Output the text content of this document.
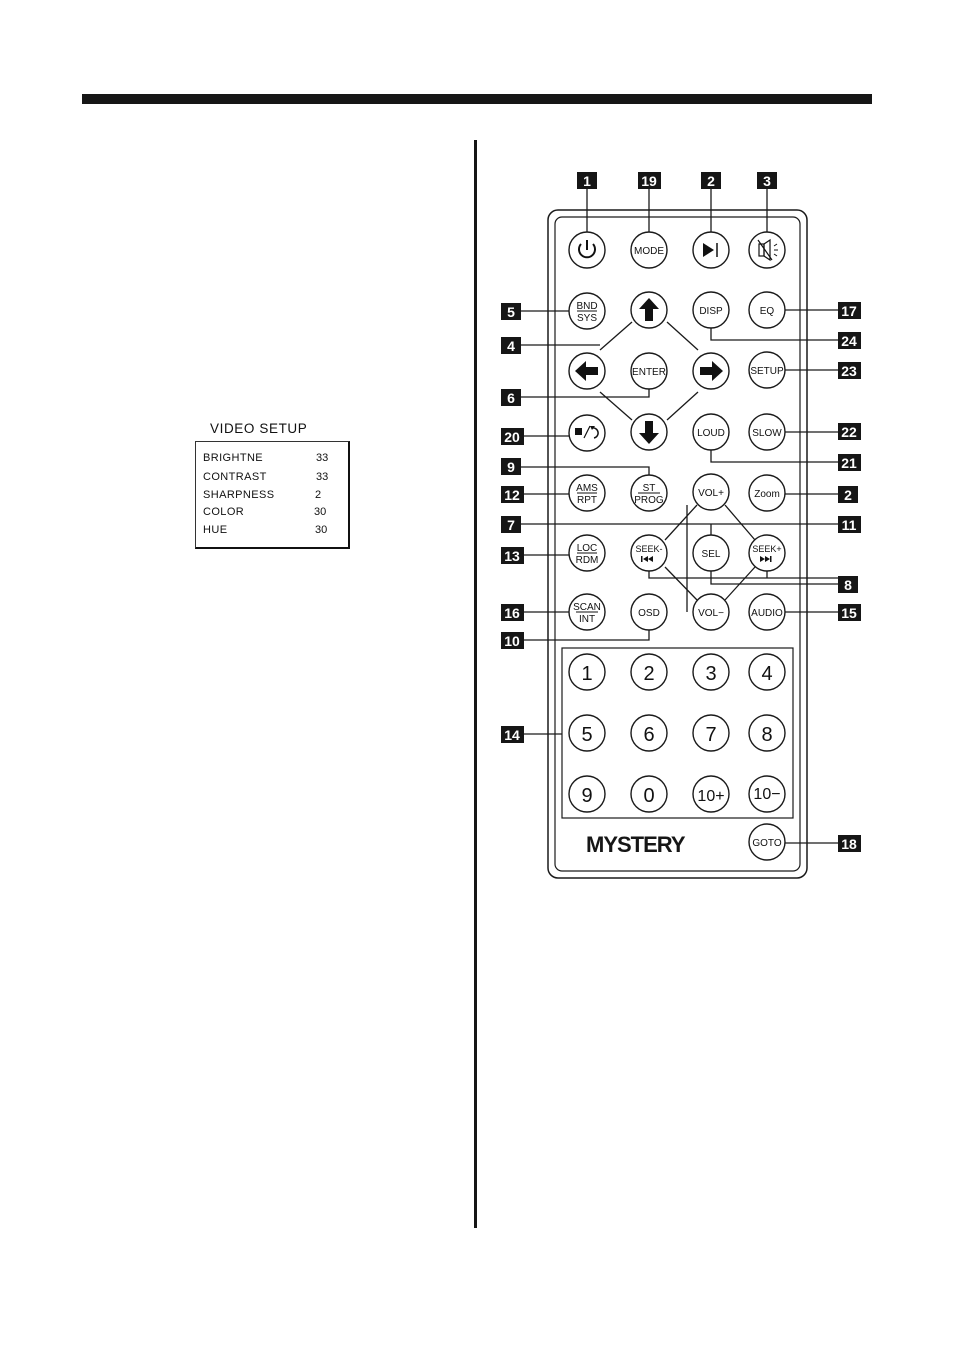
VIDEO SETUP
BRIGHTNE	33
CONTRAST	33
SHARPNESS	2
COLOR	30
HUE	30
MODE
BND
SYS
DISP	EQ
ENTER	SETUP
LOUD	SLOW
AMS
RPT
ST
PROG
VOL+	Zoom
LOC
RDM
SEEK-	SEL	SEEK+
SCAN
INT
OSD	VOL−	AUDIO
1	2	3 4
5	6	7 8
9	0	10+ 10−
MYSTERY	GOTO
1	19	2	3
5	17
4	24
6
23
20	22
9	21
12	2
7	11
13
8
16	15
10
14
18
